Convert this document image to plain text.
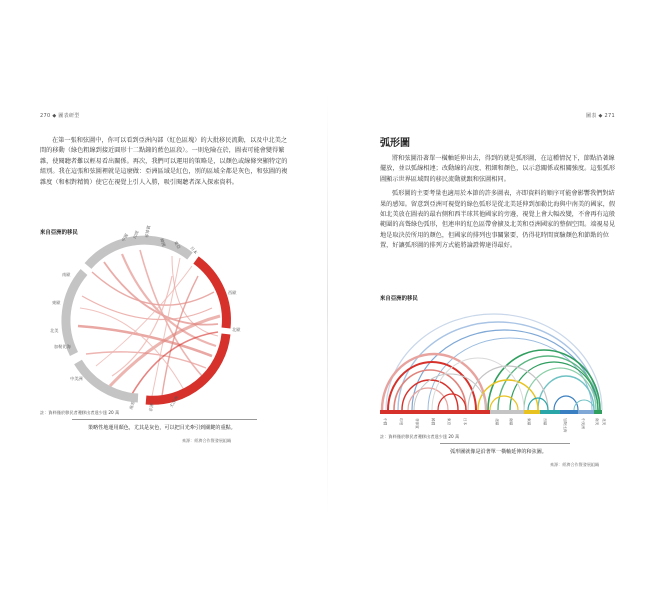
270 ◆ 圖表研型

在第一張和弦圖中，你可以看到亞洲內部（紅色區塊）的大批移民流動，以及中北美之間的移動（綠色粗線到接近圓形十二點鐘的藍色區段）。一則危險在於，圖表可能會變得繁雜，使閱聽者難以輕易看出關係。再次，我們可以運用的策略是，以顏色或線條突顯特定的組別。我在這張和弦圖裡就是這麼做：亞洲區域是紅色，別的區域全都是灰色，和弦圖的複雜度（和相對精簡）使它在視覺上引人入勝，吸引閱聽者深入探索資料。

來自亞洲的移民	中國 印度 菲律賓
韓國 東亞
日本
西歐
北歐
南歐
東歐
北美
加勒比海
中美洲
南美	非洲	大洋洲
註：資料僅於移民者遷移出者達少達 20 萬
策略性地運用顏色，尤其是灰色，可以把目光牽引到關鍵的重點。
來源：經濟合作暨發展組織
圖表 ◆ 271
弧形圖

將和弦圖沿著單一橫軸延伸出去，得到的就是弧形圖，在這種情況下，節點沿著線擺放，並以弧線相連；改動線的高度、粗細和顏色，以示意關係或相關強度。這張弧形圖顯示世界區域間的移民流動就跟和弦圖相同。

弧形圖的主要考量也適用於本節的許多圖表，亦即資料的順序可能會影響我們對結果的感知。留意到亞洲可視覺的綠色弧形是從北美延伸到加勒比海與中南美的國家，假如北美放在圖表的最右側和西半球其他國家的旁邊，視覺上會大幅改變，不會再有這般範圍的高聳綠色弧形，但連串的紅色區帶會擴及北美和亞洲國家的整個空間。端視易見地是取決於所用的顏色，但國家的排列也事關緊要，仍得花時間實驗顏色和節點的位置，好讓弧形圖的排列方式能將論證傳達得最好。

來自亞洲的移民
中國	印度	菲律賓	韓國	東亞	日本	北歐	南歐	東歐	西歐	加勒比海	中美洲	南美 北美
註：資料僅於移民者遷移出者達少達 20 萬
弧形圖就像是沿著單一橫軸延伸的和弦圖。
來源：經濟合作暨發展組織
